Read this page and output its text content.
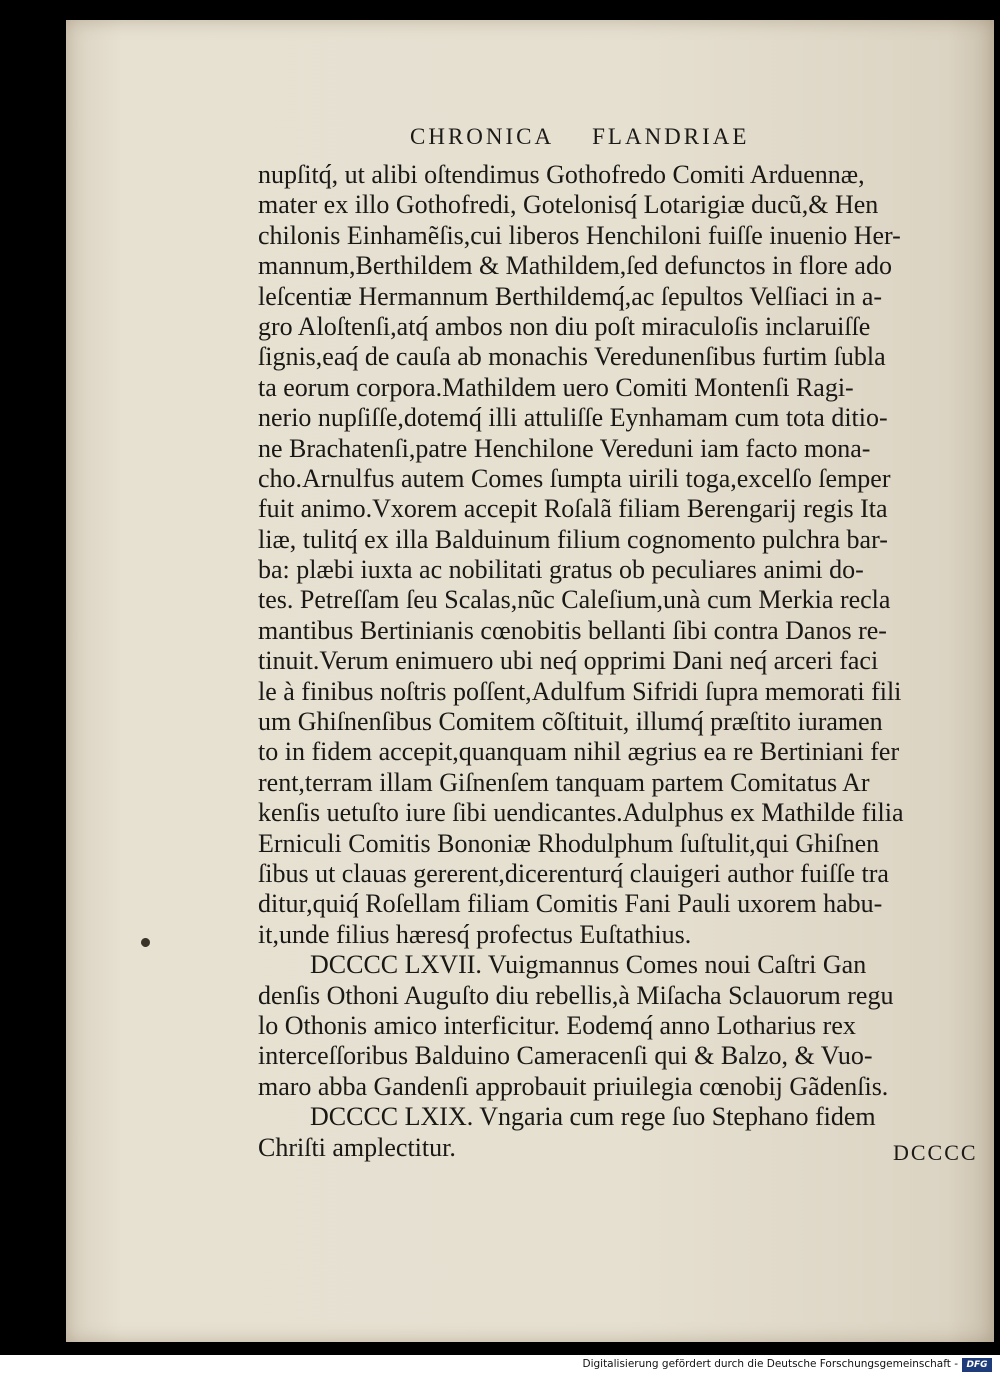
CHRONICA FLANDRIAE
nupſitq́, ut alibi oſtendimus Gothofredo Comiti Arduennæ,
mater ex illo Gothofredi, Gotelonisq́ Lotarigiæ ducũ,& Hen
chilonis Einhamẽſis,cui liberos Henchiloni fuiſſe inuenio Her-
mannum,Berthildem & Mathildem,ſed defunctos in flore ado
leſcentiæ Hermannum Berthildemq́,ac ſepultos Velſiaci in a-
gro Aloſtenſi,atq́ ambos non diu poſt miraculoſis inclaruiſſe
ſignis,eaq́ de cauſa ab monachis Veredunenſibus furtim ſubla
ta eorum corpora.Mathildem uero Comiti Montenſi Ragi-
nerio nupſiſſe,dotemq́ illi attuliſſe Eynhamam cum tota ditio-
ne Brachatenſi,patre Henchilone Vereduni iam facto mona-
cho.Arnulfus autem Comes ſumpta uirili toga,excelſo ſemper
fuit animo.Vxorem accepit Roſalã filiam Berengarij regis Ita
liæ, tulitq́ ex illa Balduinum filium cognomento pulchra bar-
ba: plæbi iuxta ac nobilitati gratus ob peculiares animi do-
tes. Petreſſam ſeu Scalas,nũc Caleſium,unà cum Merkia recla
mantibus Bertinianis cœnobitis bellanti ſibi contra Danos re-
tinuit.Verum enimuero ubi neq́ opprimi Dani neq́ arceri faci
le à finibus noſtris poſſent,Adulfum Sifridi ſupra memorati fili
um Ghiſnenſibus Comitem cõſtituit, illumq́ præſtito iuramen
to in fidem accepit,quanquam nihil ægrius ea re Bertiniani fer
rent,terram illam Giſnenſem tanquam partem Comitatus Ar
kenſis uetuſto iure ſibi uendicantes.Adulphus ex Mathilde filia
Erniculi Comitis Bononiæ Rhodulphum ſuſtulit,qui Ghiſnen
ſibus ut clauas gererent,dicerenturq́ clauigeri author fuiſſe tra
ditur,quiq́ Roſellam filiam Comitis Fani Pauli uxorem habu-
it,unde filius hæresq́ profectus Euſtathius.
DCCCC LXVII. Vuigmannus Comes noui Caſtri Gan
denſis Othoni Auguſto diu rebellis,à Miſacha Sclauorum regu
lo Othonis amico interficitur. Eodemq́ anno Lotharius rex
interceſſoribus Balduino Cameracenſi qui & Balzo, & Vuo-
maro abba Gandenſi approbauit priuilegia cœnobij Gãdenſis.
DCCCC LXIX. Vngaria cum rege ſuo Stephano fidem
Chriſti amplectitur.	DCCCC
Digitalisierung gefördert durch die Deutsche Forschungsgemeinschaft - DFG
